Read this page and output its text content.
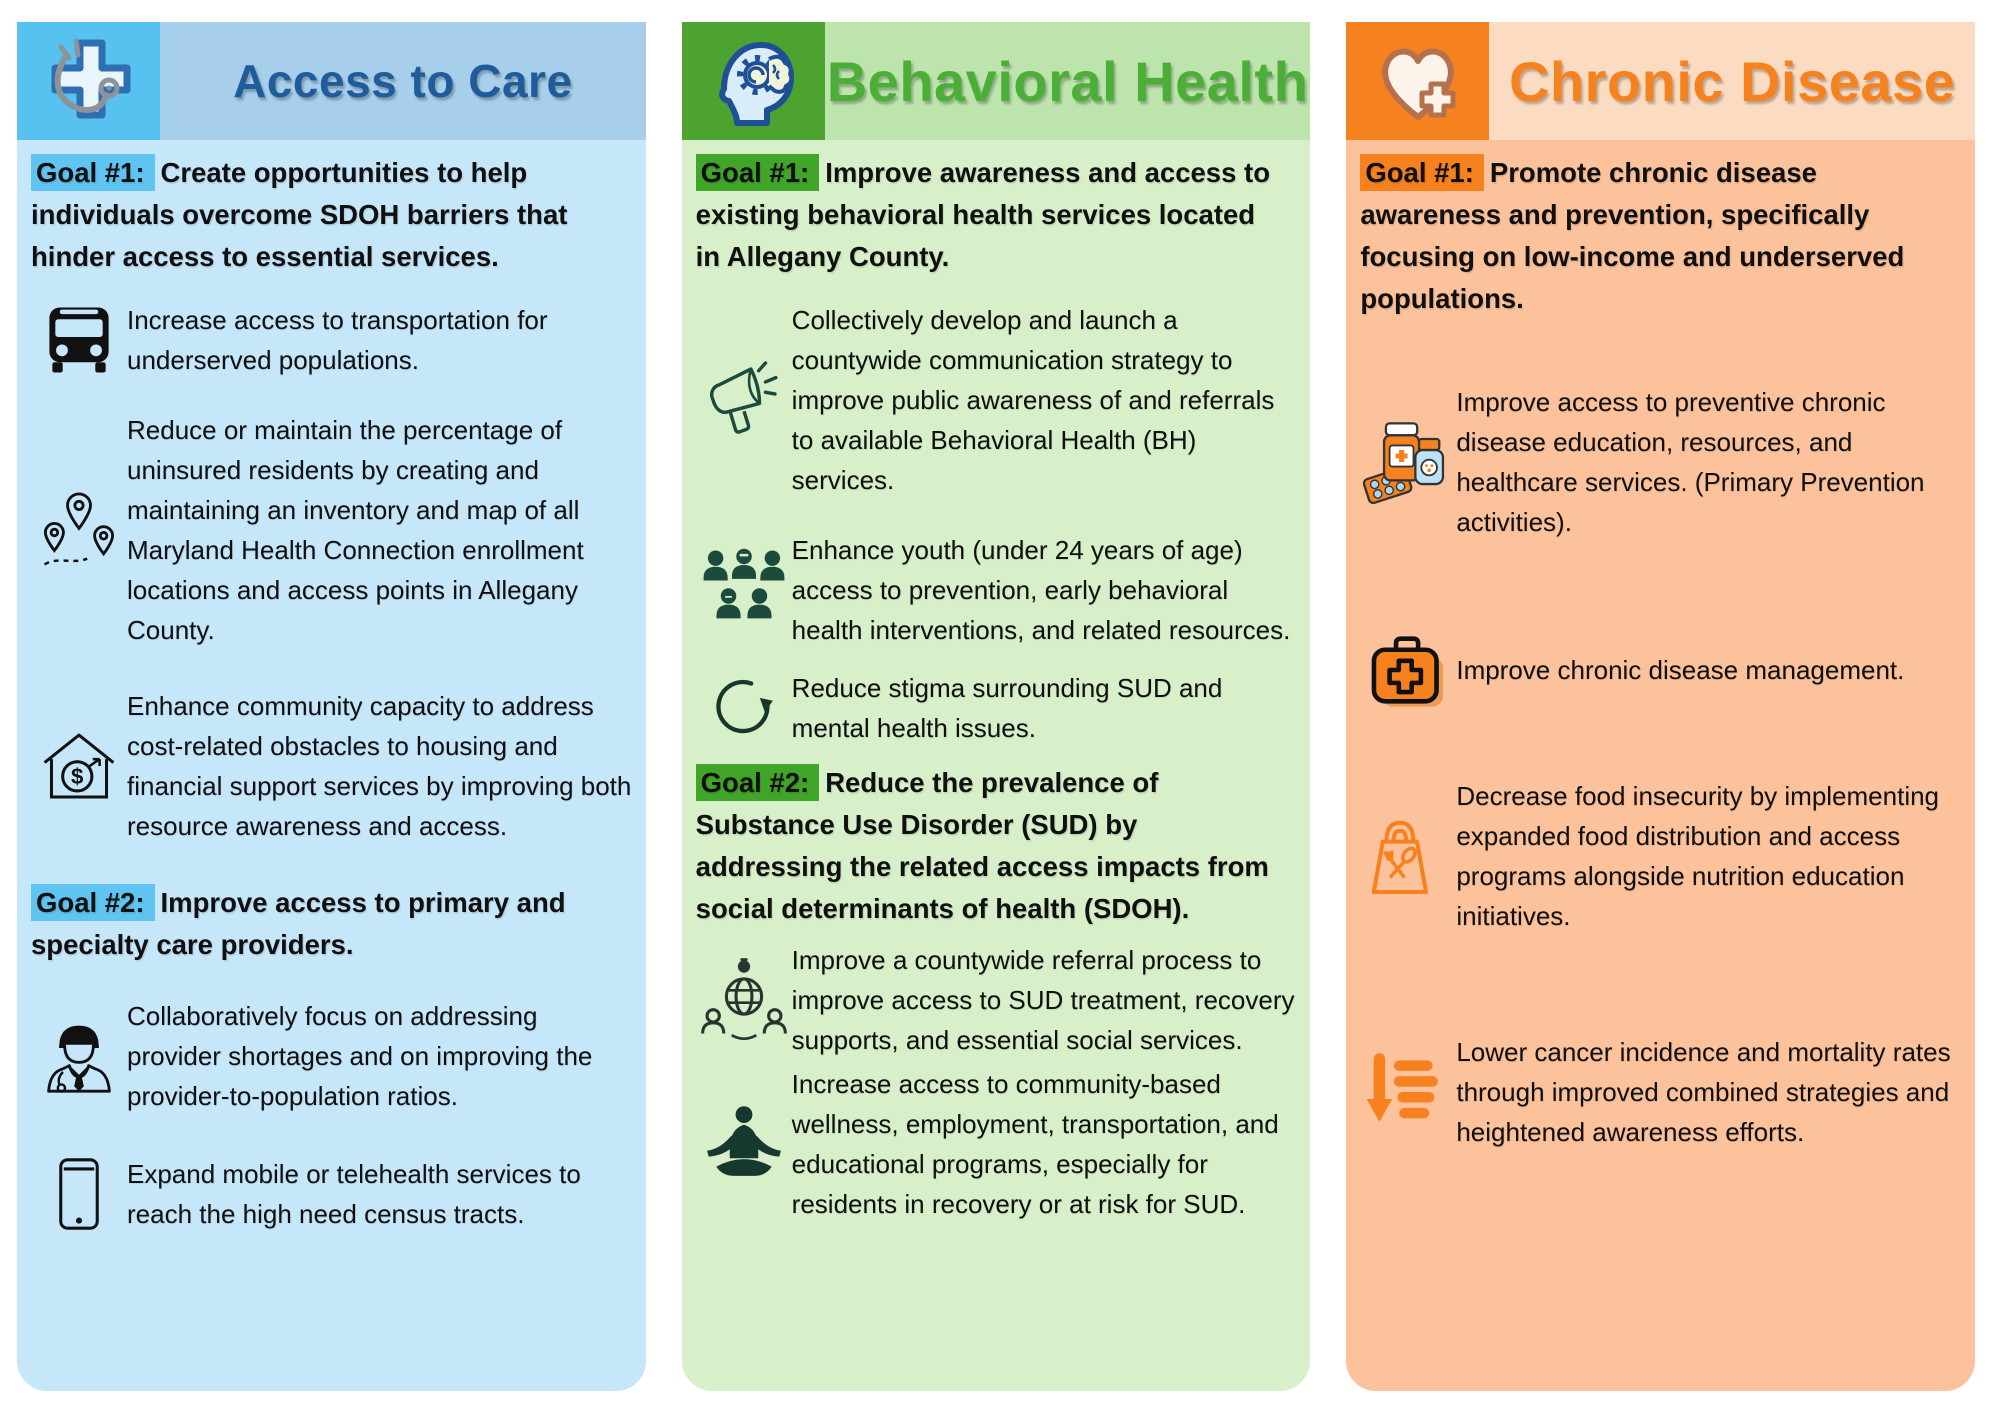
Access to Care
Goal #1: Create opportunities to help individuals overcome SDOH barriers that hinder access to essential services.
Increase access to transportation for underserved populations.
Reduce or maintain the percentage of uninsured residents by creating and maintaining an inventory and map of all Maryland Health Connection enrollment locations and access points in Allegany County.
$
Enhance community capacity to address cost-related obstacles to housing and financial support services by improving both resource awareness and access.
Goal #2: Improve access to primary and specialty care providers.
Collaboratively focus on addressing provider shortages and on improving the provider-to-population ratios.
Expand mobile or telehealth services to reach the high need census tracts.
Behavioral Health
Goal #1: Improve awareness and access to existing behavioral health services located in Allegany County.
Collectively develop and launch a countywide communication strategy to improve public awareness of and referrals to available Behavioral Health (BH) services.
Enhance youth (under 24 years of age) access to prevention, early behavioral health interventions, and related resources.
Reduce stigma surrounding SUD and mental health issues.
Goal #2: Reduce the prevalence of Substance Use Disorder (SUD) by addressing the related access impacts from social determinants of health (SDOH).
Improve a countywide referral process to improve access to SUD treatment, recovery supports, and essential social services.
Increase access to community-based wellness, employment, transportation, and educational programs, especially for residents in recovery or at risk for SUD.
Chronic Disease
Goal #1: Promote chronic disease awareness and prevention, specifically focusing on low-income and underserved populations.
Improve access to preventive chronic disease education, resources, and healthcare services. (Primary Prevention activities).
Improve chronic disease management.
Decrease food insecurity by implementing expanded food distribution and access programs alongside nutrition education initiatives.
Lower cancer incidence and mortality rates through improved combined strategies and heightened awareness efforts.
